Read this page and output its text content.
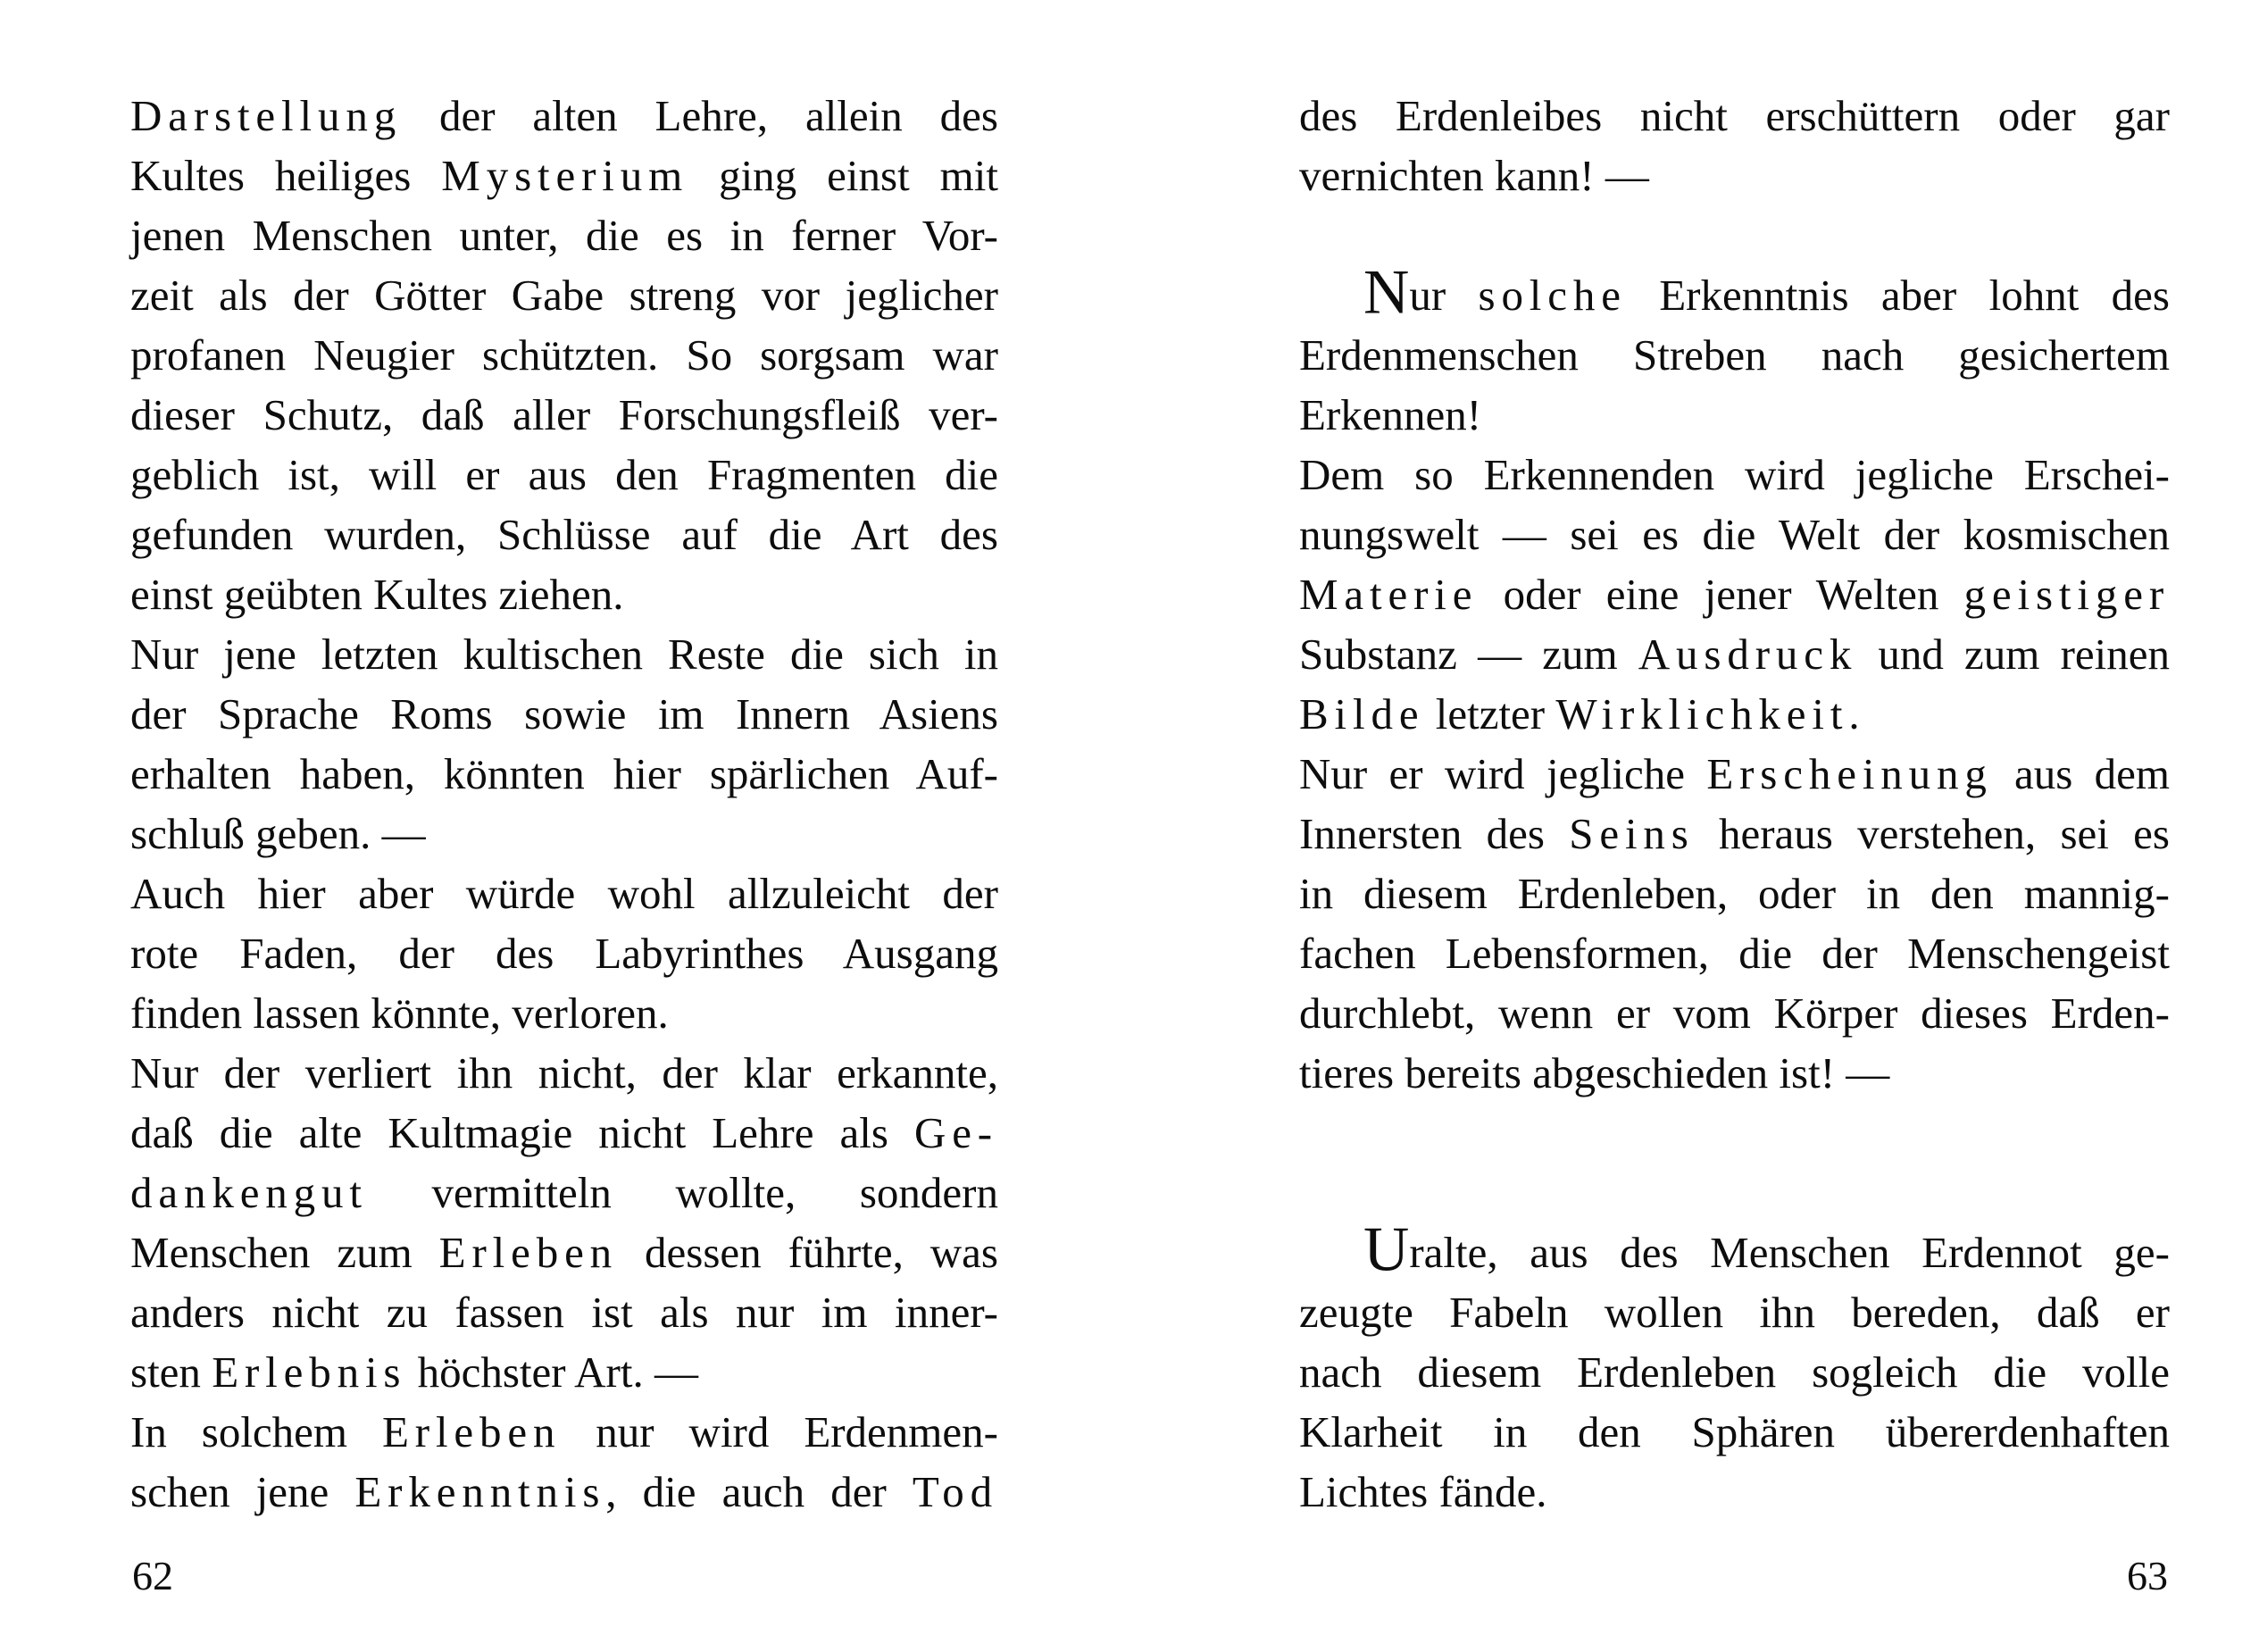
Darstellung der alten Lehre, allein des
Kultes heiliges Mysterium ging einst mit
jenen Menschen unter, die es in ferner Vor-
zeit als der Götter Gabe streng vor jeglicher
profanen Neugier schützten. So sorgsam war
dieser Schutz, daß aller Forschungsfleiß ver-
geblich ist, will er aus den Fragmenten die
gefunden wurden, Schlüsse auf die Art des
einst geübten Kultes ziehen.
Nur jene letzten kultischen Reste die sich in
der Sprache Roms sowie im Innern Asiens
erhalten haben, könnten hier spärlichen Auf-
schluß geben. —
Auch hier aber würde wohl allzuleicht der
rote Faden, der des Labyrinthes Ausgang
finden lassen könnte, verloren.
Nur der verliert ihn nicht, der klar erkannte,
daß die alte Kultmagie nicht Lehre als Ge-
dankengut vermitteln wollte, sondern
Menschen zum Erleben dessen führte, was
anders nicht zu fassen ist als nur im inner-
sten Erlebnis höchster Art. —
In solchem Erleben nur wird Erdenmen-
schen jene Erkenntnis, die auch der Tod
62
des Erdenleibes nicht erschüttern oder gar
vernichten kann! —
Nur solche Erkenntnis aber lohnt des
Erdenmenschen Streben nach gesichertem
Erkennen!
Dem so Erkennenden wird jegliche Erschei-
nungswelt — sei es die Welt der kosmischen
Materie oder eine jener Welten geistiger
Substanz — zum Ausdruck und zum reinen
Bilde letzter Wirklichkeit.
Nur er wird jegliche Erscheinung aus dem
Innersten des Seins heraus verstehen, sei es
in diesem Erdenleben, oder in den mannig-
fachen Lebensformen, die der Menschengeist
durchlebt, wenn er vom Körper dieses Erden-
tieres bereits abgeschieden ist! —
Uralte, aus des Menschen Erdennot ge-
zeugte Fabeln wollen ihn bereden, daß er
nach diesem Erdenleben sogleich die volle
Klarheit in den Sphären übererdenhaften
Lichtes fände.
63
